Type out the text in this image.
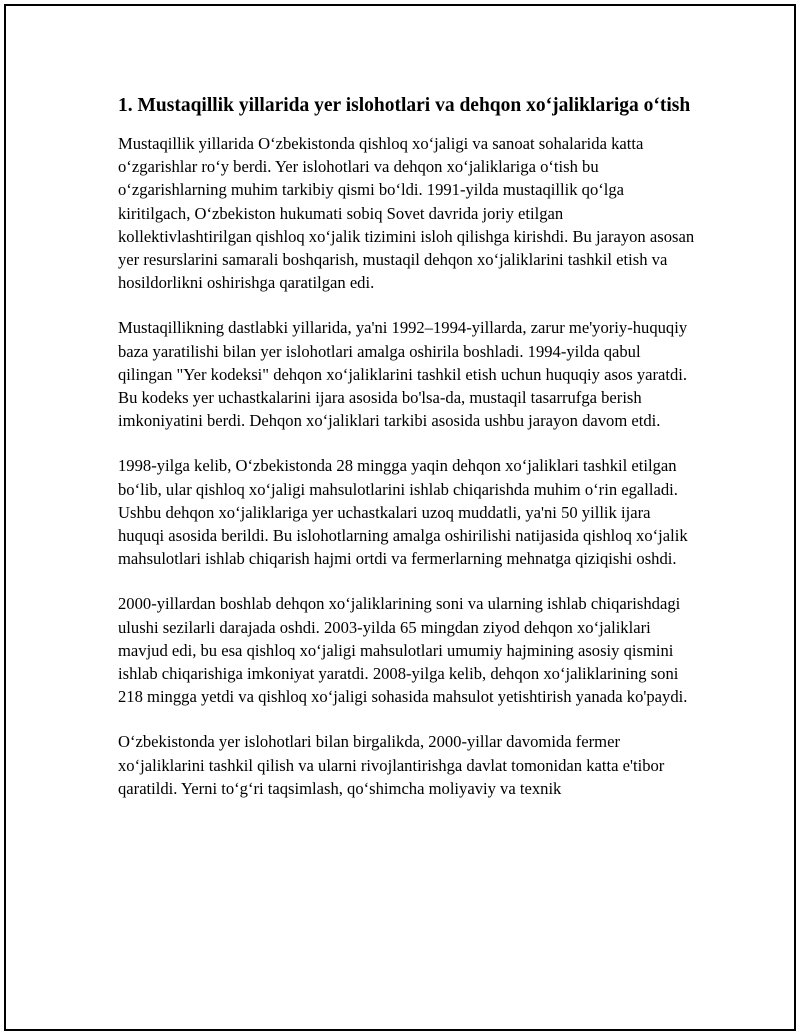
1. Mustaqillik yillarida yer islohotlari va dehqon xo‘jaliklariga o‘tish

Mustaqillik yillarida O‘zbekistonda qishloq xo‘jaligi va sanoat sohalarida katta o‘zgarishlar ro‘y berdi. Yer islohotlari va dehqon xo‘jaliklariga o‘tish bu o‘zgarishlarning muhim tarkibiy qismi bo‘ldi. 1991-yilda mustaqillik qo‘lga kiritilgach, O‘zbekiston hukumati sobiq Sovet davrida joriy etilgan kollektivlashtirilgan qishloq xo‘jalik tizimini isloh qilishga kirishdi. Bu jarayon asosan yer resurslarini samarali boshqarish, mustaqil dehqon xo‘jaliklarini tashkil etish va hosildorlikni oshirishga qaratilgan edi.

Mustaqillikning dastlabki yillarida, ya'ni 1992–1994-yillarda, zarur me'yoriy-huquqiy baza yaratilishi bilan yer islohotlari amalga oshirila boshladi. 1994-yilda qabul qilingan "Yer kodeksi" dehqon xo‘jaliklarini tashkil etish uchun huquqiy asos yaratdi. Bu kodeks yer uchastkalarini ijara asosida bo'lsa-da, mustaqil tasarrufga berish imkoniyatini berdi. Dehqon xo‘jaliklari tarkibi asosida ushbu jarayon davom etdi.

1998-yilga kelib, O‘zbekistonda 28 mingga yaqin dehqon xo‘jaliklari tashkil etilgan bo‘lib, ular qishloq xo‘jaligi mahsulotlarini ishlab chiqarishda muhim o‘rin egalladi. Ushbu dehqon xo‘jaliklariga yer uchastkalari uzoq muddatli, ya'ni 50 yillik ijara huquqi asosida berildi. Bu islohotlarning amalga oshirilishi natijasida qishloq xo‘jalik mahsulotlari ishlab chiqarish hajmi ortdi va fermerlarning mehnatga qiziqishi oshdi.

2000-yillardan boshlab dehqon xo‘jaliklarining soni va ularning ishlab chiqarishdagi ulushi sezilarli darajada oshdi. 2003-yilda 65 mingdan ziyod dehqon xo‘jaliklari mavjud edi, bu esa qishloq xo‘jaligi mahsulotlari umumiy hajmining asosiy qismini ishlab chiqarishiga imkoniyat yaratdi. 2008-yilga kelib, dehqon xo‘jaliklarining soni 218 mingga yetdi va qishloq xo‘jaligi sohasida mahsulot yetishtirish yanada ko'paydi.

O‘zbekistonda yer islohotlari bilan birgalikda, 2000-yillar davomida fermer xo‘jaliklarini tashkil qilish va ularni rivojlantirishga davlat tomonidan katta e'tibor qaratildi. Yerni to‘g‘ri taqsimlash, qo‘shimcha moliyaviy va texnik
